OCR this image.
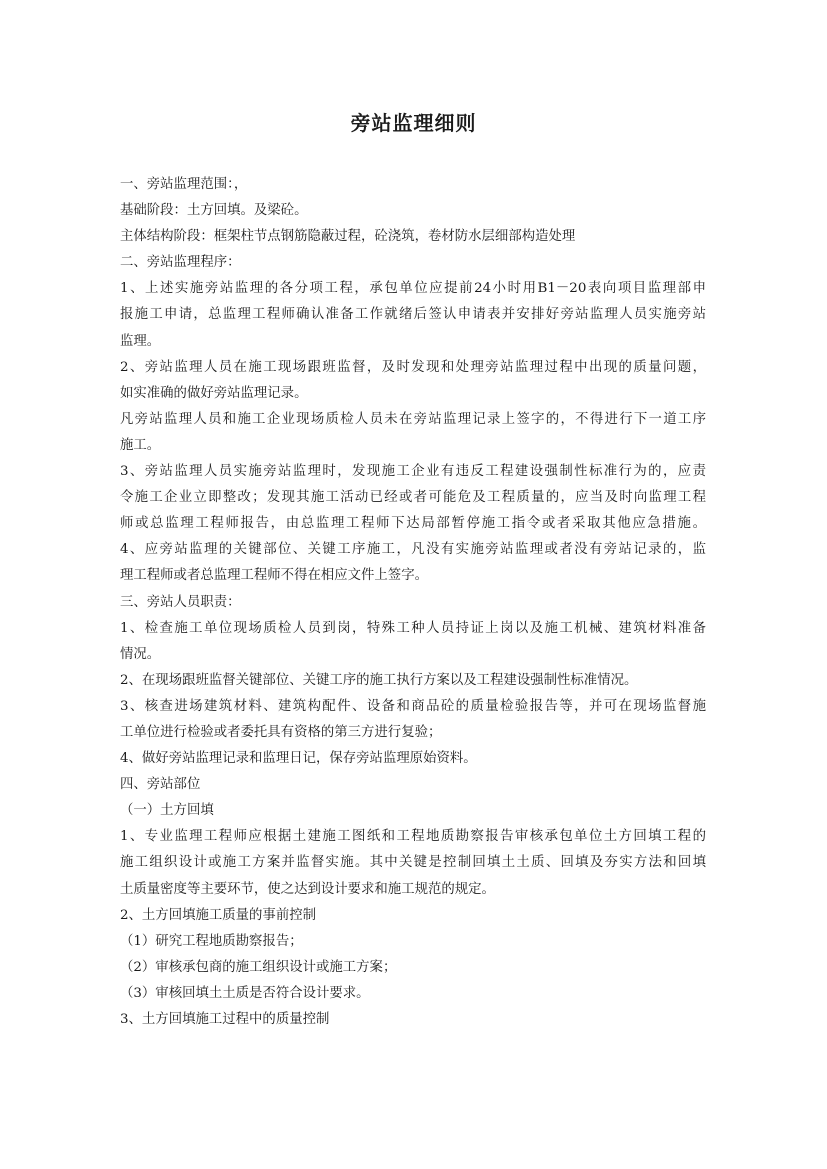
旁站监理细则
一、旁站监理范围：，
基础阶段：土方回填。及梁砼。
主体结构阶段：框架柱节点钢筋隐蔽过程，砼浇筑，卷材防水层细部构造处理
二、旁站监理程序：
1、上述实施旁站监理的各分项工程，承包单位应提前24小时用B1－20表向项目监理部申
报施工申请，总监理工程师确认准备工作就绪后签认申请表并安排好旁站监理人员实施旁站
监理。
2、旁站监理人员在施工现场跟班监督，及时发现和处理旁站监理过程中出现的质量问题，
如实准确的做好旁站监理记录。
凡旁站监理人员和施工企业现场质检人员未在旁站监理记录上签字的，不得进行下一道工序
施工。
3、旁站监理人员实施旁站监理时，发现施工企业有违反工程建设强制性标准行为的，应责
令施工企业立即整改；发现其施工活动已经或者可能危及工程质量的，应当及时向监理工程
师或总监理工程师报告，由总监理工程师下达局部暂停施工指令或者采取其他应急措施。
4、应旁站监理的关键部位、关键工序施工，凡没有实施旁站监理或者没有旁站记录的，监
理工程师或者总监理工程师不得在相应文件上签字。
三、旁站人员职责：
1、检查施工单位现场质检人员到岗，特殊工种人员持证上岗以及施工机械、建筑材料准备
情况。
2、在现场跟班监督关键部位、关键工序的施工执行方案以及工程建设强制性标准情况。
3、核查进场建筑材料、建筑构配件、设备和商品砼的质量检验报告等，并可在现场监督施
工单位进行检验或者委托具有资格的第三方进行复验；
4、做好旁站监理记录和监理日记，保存旁站监理原始资料。
四、旁站部位
（一）土方回填
1、专业监理工程师应根据土建施工图纸和工程地质勘察报告审核承包单位土方回填工程的
施工组织设计或施工方案并监督实施。其中关键是控制回填土土质、回填及夯实方法和回填
土质量密度等主要环节，使之达到设计要求和施工规范的规定。
2、土方回填施工质量的事前控制
（1）研究工程地质勘察报告；
（2）审核承包商的施工组织设计或施工方案；
（3）审核回填土土质是否符合设计要求。
3、土方回填施工过程中的质量控制
